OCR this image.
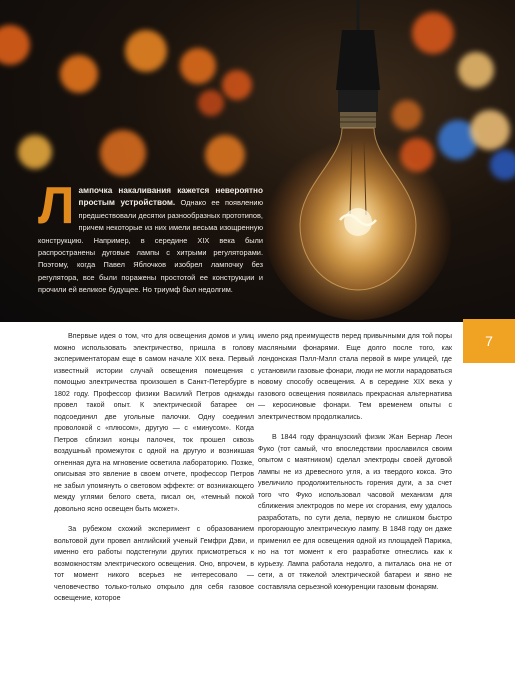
Лампочка накаливания кажется невероятно простым устройством. Однако ее появлению предшествовали десятки разнообразных прототипов, причем некоторые из них имели весьма изощренную конструкцию. Например, в середине XIX века были распространены дуговые лампы с хитрыми регуляторами. Поэтому, когда Павел Яблочков изобрел лампочку без регулятора, все были поражены простотой ее конструкции и прочили ей великое будущее. Но триумф был недолгим.
7

Впервые идея о том, что для освещения домов и улиц можно использовать электричество, пришла в голову экспериментаторам еще в самом начале XIX века. Первый известный истории случай освещения помещения с помощью электричества произошел в Санкт-Петербурге в 1802 году. Профессор физики Василий Петров однажды провел такой опыт. К электрической батарее он подсоединил две угольные палочки. Одну соединил проволокой с «плюсом», другую — с «минусом». Когда Петров сблизил концы палочек, ток прошел сквозь воздушный промежуток с одной на другую и возникшая огненная дуга на мгновение осветила лабораторию. Позже, описывая это явление в своем отчете, профессор Петров не забыл упомянуть о световом эффекте: от возникающего между углями белого света, писал он, «темный покой довольно ясно освещен быть может».

За рубежом схожий эксперимент с образованием вольтовой дуги провел английский ученый Гемфри Дэви, и именно его работы подстегнули других присмотреться к возможностям электрического освещения. Оно, впрочем, в тот момент никого всерьез не интересовало — человечество только-только открыло для себя газовое освещение, которое

имело ряд преимуществ перед привычными для той поры масляными фонарями. Еще долго после того, как лондонская Пэлл-Мэлл стала первой в мире улицей, где установили газовые фонари, люди не могли нарадоваться новому способу освещения. А в середине XIX века у газового освещения появилась прекрасная альтернатива — керосиновые фонари. Тем временем опыты с электричеством продолжались.

В 1844 году французский физик Жан Бернар Леон Фуко (тот самый, что впоследствии прославился своим опытом с маятником) сделал электроды своей дуговой лампы не из древесного угля, а из твердого кокса. Это увеличило продолжительность горения дуги, а за счет того что Фуко использовал часовой механизм для сближения электродов по мере их сгорания, ему удалось разработать, по сути дела, первую не слишком быстро прогорающую электрическую лампу. В 1848 году он даже применил ее для освещения одной из площадей Парижа, но на тот момент к его разработке отнеслись как к курьезу. Лампа работала недолго, а питалась она не от сети, а от тяжелой электрической батареи и явно не составляла серьезной конкуренции газовым фонарям.
